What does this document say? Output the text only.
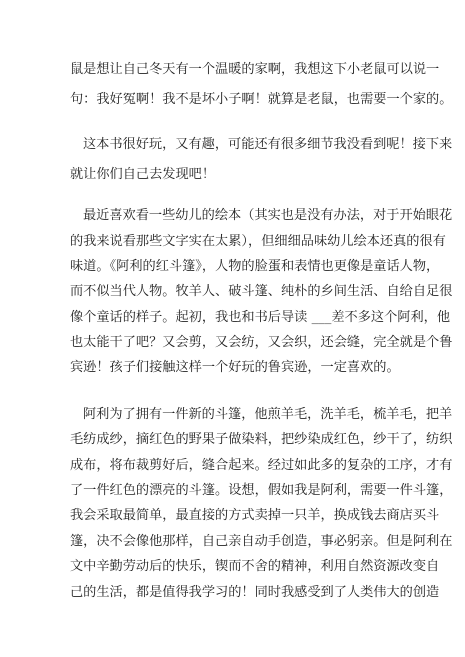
鼠是想让自己冬天有一个温暖的家啊，我想这下小老鼠可以说一
句：我好冤啊！我不是坏小子啊！就算是老鼠，也需要一个家的。
这本书很好玩，又有趣，可能还有很多细节我没看到呢！接下来
就让你们自己去发现吧！
最近喜欢看一些幼儿的绘本（其实也是没有办法，对于开始眼花
的我来说看那些文字实在太累），但细细品味幼儿绘本还真的很有
味道。《阿利的红斗篷》，人物的脸蛋和表情也更像是童话人物，
而不似当代人物。牧羊人、破斗篷、纯朴的乡间生活、自给自足很
像个童话的样子。起初，我也和书后导读 ___差不多这个阿利，他
也太能干了吧？又会剪，又会纺，又会织，还会缝，完全就是个鲁
宾逊！孩子们接触这样一个好玩的鲁宾逊，一定喜欢的。
阿利为了拥有一件新的斗篷，他煎羊毛，洗羊毛，梳羊毛，把羊
毛纺成纱，摘红色的野果子做染料，把纱染成红色，纱干了，纺织
成布，将布裁剪好后，缝合起来。经过如此多的复杂的工序，才有
了一件红色的漂亮的斗篷。设想，假如我是阿利，需要一件斗篷，
我会采取最简单，最直接的方式卖掉一只羊，换成钱去商店买斗
篷，决不会像他那样，自己亲自动手创造，事必躬亲。但是阿利在
文中辛勤劳动后的快乐，锲而不舍的精神，利用自然资源改变自
己的生活，都是值得我学习的！同时我感受到了人类伟大的创造
